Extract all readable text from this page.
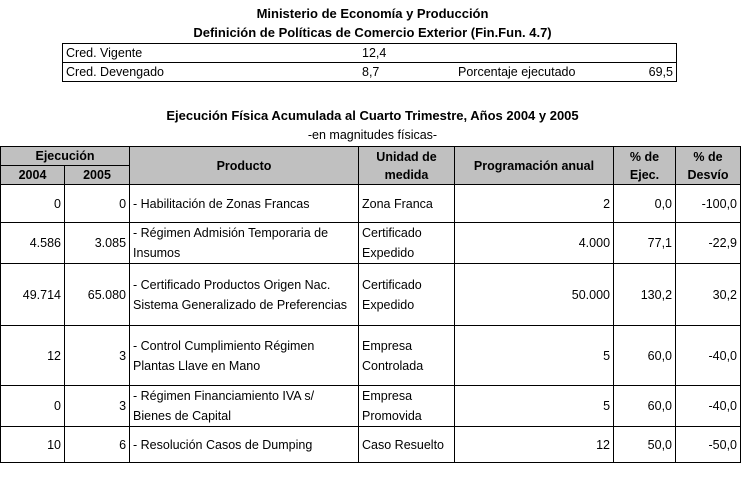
Ministerio de Economía y Producción
Definición de Políticas de Comercio Exterior (Fin.Fun. 4.7)
Cred. Vigente	12,4		
Cred. Devengado	8,7	Porcentaje ejecutado	69,5
Ejecución Física Acumulada al Cuarto Trimestre, Años 2004 y 2005
-en magnitudes físicas-
Ejecución		Producto	Unidad de medida	Programación anual	% de Ejec.	% de Desvío
2004	2005					
0	0	- Habilitación de Zonas Francas	Zona Franca	2	0,0	-100,0
4.586	3.085	- Régimen Admisión Temporaria de Insumos	Certificado Expedido	4.000	77,1	-22,9
49.714	65.080	- Certificado Productos Origen Nac. Sistema Generalizado de Preferencias	Certificado Expedido	50.000	130,2	30,2
12	3	- Control Cumplimiento Régimen Plantas Llave en Mano	Empresa Controlada	5	60,0	-40,0
0	3	- Régimen Financiamiento IVA s/ Bienes de Capital	Empresa Promovida	5	60,0	-40,0
10	6	- Resolución Casos de Dumping	Caso Resuelto	12	50,0	-50,0
